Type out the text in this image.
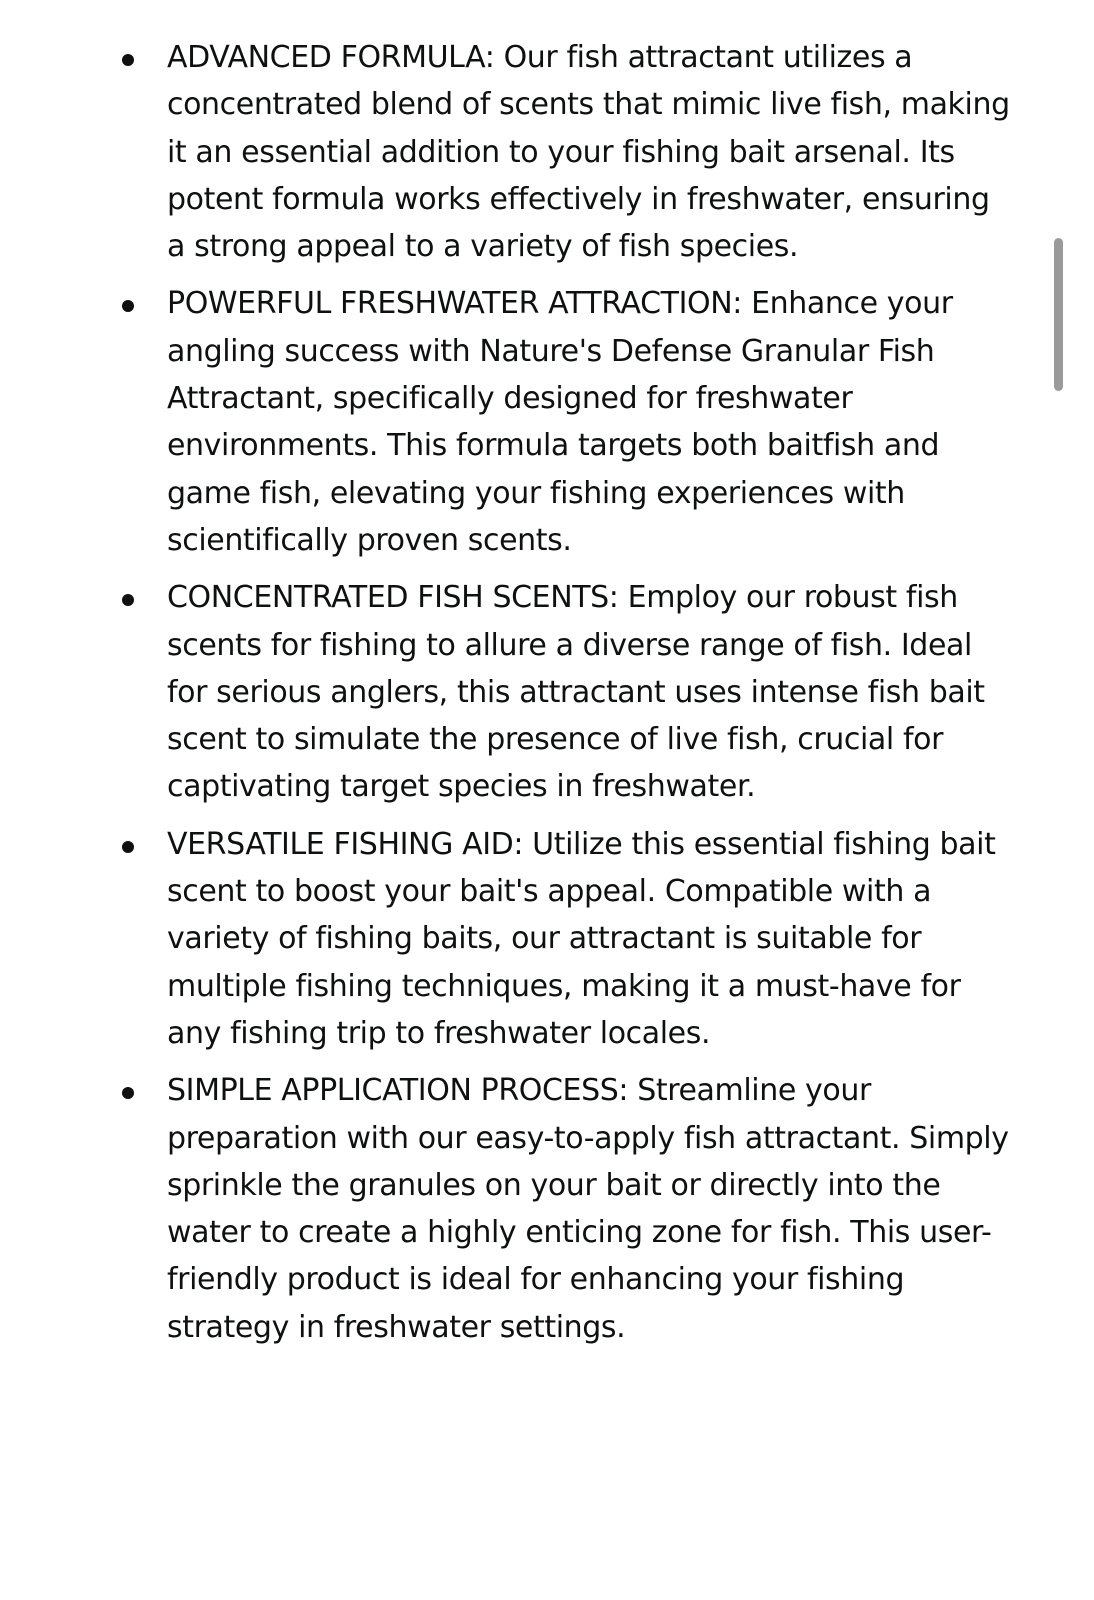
ADVANCED FORMULA: Our fish attractant utilizes a concentrated blend of scents that mimic live fish, making it an essential addition to your fishing bait arsenal. Its potent formula works effectively in freshwater, ensuring a strong appeal to a variety of fish species.
POWERFUL FRESHWATER ATTRACTION: Enhance your angling success with Nature's Defense Granular Fish Attractant, specifically designed for freshwater environments. This formula targets both baitfish and game fish, elevating your fishing experiences with scientifically proven scents.
CONCENTRATED FISH SCENTS: Employ our robust fish scents for fishing to allure a diverse range of fish. Ideal for serious anglers, this attractant uses intense fish bait scent to simulate the presence of live fish, crucial for captivating target species in freshwater.
VERSATILE FISHING AID: Utilize this essential fishing bait scent to boost your bait's appeal. Compatible with a variety of fishing baits, our attractant is suitable for multiple fishing techniques, making it a must-have for any fishing trip to freshwater locales.
SIMPLE APPLICATION PROCESS: Streamline your preparation with our easy-to-apply fish attractant. Simply sprinkle the granules on your bait or directly into the water to create a highly enticing zone for fish. This user-friendly product is ideal for enhancing your fishing strategy in freshwater settings.
